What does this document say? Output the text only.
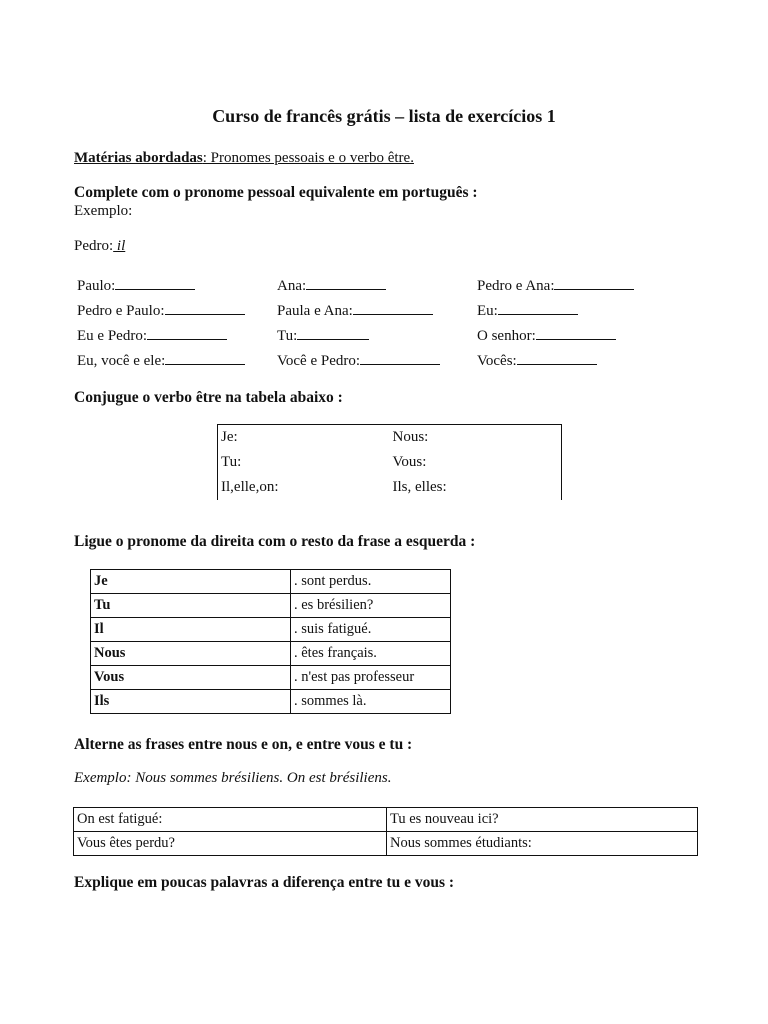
Curso de francês grátis – lista de exercícios 1
Matérias abordadas: Pronomes pessoais e o verbo être.
Complete com o pronome pessoal equivalente em português :
Exemplo:
Pedro: il
Paulo:	Ana:	Pedro e Ana:
Pedro e Paulo:	Paula e Ana:	Eu:
Eu e Pedro:	Tu:	O senhor:
Eu, você e ele:	Você e Pedro:	Vocês:
Conjugue o verbo être na tabela abaixo :
Je:	Nous:
Tu:	Vous:
Il,elle,on:	Ils, elles:
Ligue o pronome da direita com o resto da frase a esquerda :
Je	. sont perdus.
Tu	. es brésilien?
Il	. suis fatigué.
Nous	. êtes français.
Vous	. n'est pas professeur
Ils	. sommes là.
Alterne as frases entre nous e on, e entre vous e tu :
Exemplo: Nous sommes brésiliens. On est brésiliens.
On est fatigué:	Tu es nouveau ici?
Vous êtes perdu?	Nous sommes étudiants:
Explique em poucas palavras a diferença entre tu e vous :
